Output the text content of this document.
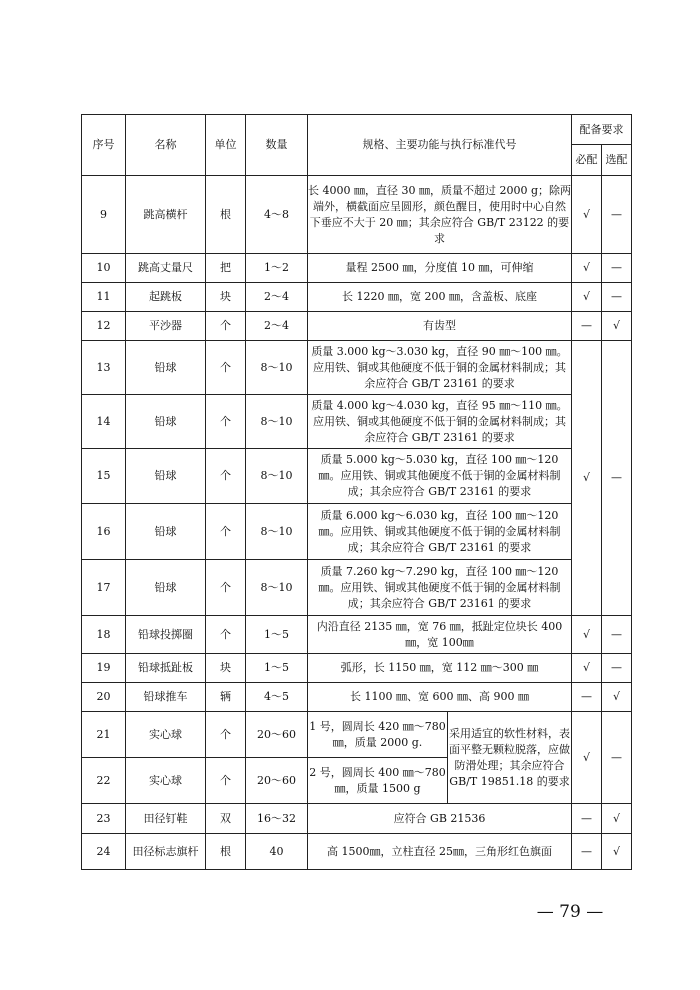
序号	名称	单位	数量	规格、主要功能与执行标准代号		配备要求	
						必配	选配
9	跳高横杆	根	4～8	长 4000 ㎜，直径 30 ㎜，质量不超过 2000 g；除两端外，横截面应呈圆形，颜色醒目，使用时中心自然下垂应不大于 20 ㎜；其余应符合 GB/T 23122 的要求		√	—
10	跳高丈量尺	把	1～2	量程 2500 ㎜，分度值 10 ㎜，可伸缩		√	—
11	起跳板	块	2～4	长 1220 ㎜，宽 200 ㎜，含盖板、底座		√	—
12	平沙器	个	2～4	有齿型		—	√
13	铅球	个	8～10	质量 3.000 kg～3.030 kg，直径 90 ㎜～100 ㎜。应用铁、铜或其他硬度不低于铜的金属材料制成；其余应符合 GB/T 23161 的要求		√	—
14	铅球	个	8～10	质量 4.000 kg～4.030 kg，直径 95 ㎜～110 ㎜。应用铁、铜或其他硬度不低于铜的金属材料制成；其余应符合 GB/T 23161 的要求			
15	铅球	个	8～10	质量 5.000 kg～5.030 kg，直径 100 ㎜～120 ㎜。应用铁、铜或其他硬度不低于铜的金属材料制成；其余应符合 GB/T 23161 的要求			
16	铅球	个	8～10	质量 6.000 kg～6.030 kg，直径 100 ㎜～120 ㎜。应用铁、铜或其他硬度不低于铜的金属材料制成；其余应符合 GB/T 23161 的要求			
17	铅球	个	8～10	质量 7.260 kg～7.290 kg，直径 100 ㎜～120 ㎜。应用铁、铜或其他硬度不低于铜的金属材料制成；其余应符合 GB/T 23161 的要求			
18	铅球投掷圈	个	1～5	内沿直径 2135 ㎜，宽 76 ㎜，抵趾定位块长 400 ㎜，宽 100㎜		√	—
19	铅球抵趾板	块	1～5	弧形，长 1150 ㎜，宽 112 ㎜～300 ㎜		√	—
20	铅球推车	辆	4～5	长 1100 ㎜、宽 600 ㎜、高 900 ㎜		—	√
21	实心球	个	20～60	1 号，圆周长 420 ㎜～780㎜，质量 2000 g.	采用适宜的软性材料，表面平整无颗粒脱落，应做防滑处理；其余应符合 GB/T 19851.18 的要求	√	—
22	实心球	个	20～60	2 号，圆周长 400 ㎜～780㎜，质量 1500 g			
23	田径钉鞋	双	16～32	应符合 GB 21536		—	√
24	田径标志旗杆	根	40	高 1500㎜，立柱直径 25㎜，三角形红色旗面		—	√
— 79 —
